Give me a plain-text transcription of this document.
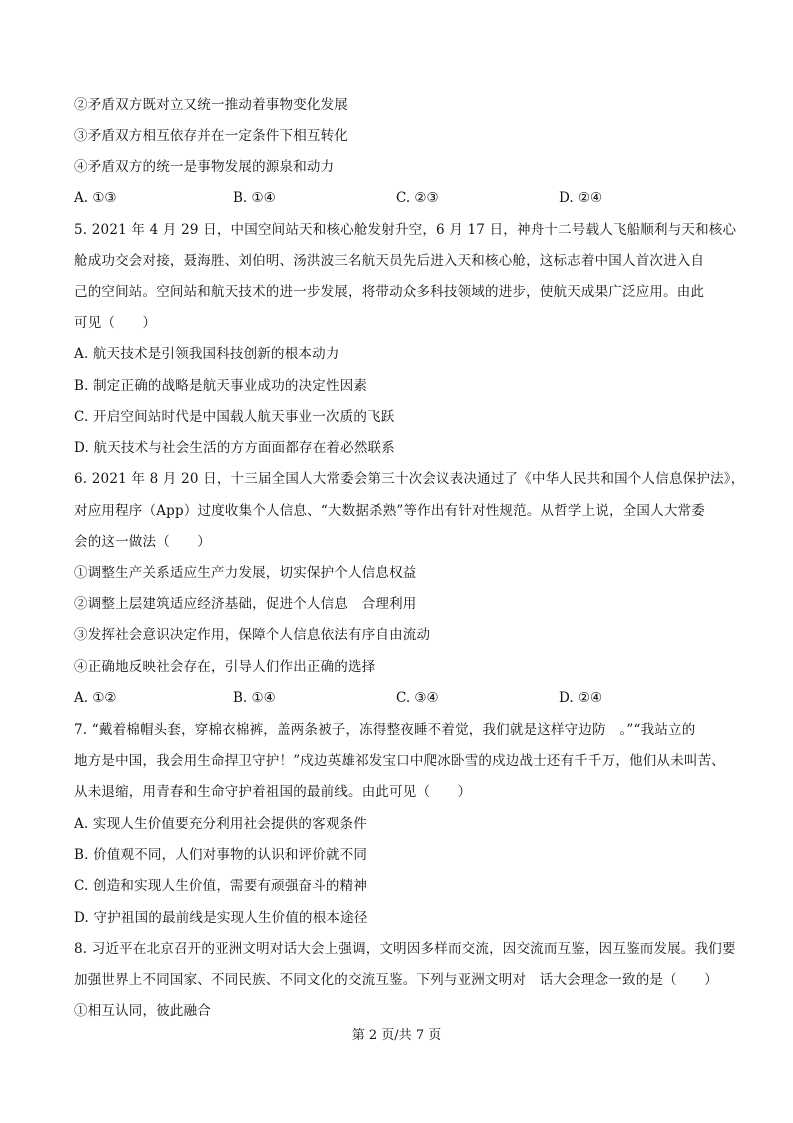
②矛盾双方既对立又统一推动着事物变化发展
③矛盾双方相互依存并在一定条件下相互转化
④矛盾双方的统一是事物发展的源泉和动力
A. ①③	B. ①④	C. ②③	D. ②④
5. 2021 年 4 月 29 日，中国空间站天和核心舱发射升空，6 月 17 日，神舟十二号载人飞船顺利与天和核心
舱成功交会对接，聂海胜、刘伯明、汤洪波三名航天员先后进入天和核心舱，这标志着中国人首次进入自
己的空间站。空间站和航天技术的进一步发展，将带动众多科技领域的进步，使航天成果广泛应用。由此
可见（　　）
A. 航天技术是引领我国科技创新的根本动力
B. 制定正确的战略是航天事业成功的决定性因素
C. 开启空间站时代是中国载人航天事业一次质的飞跃
D. 航天技术与社会生活的方方面面都存在着必然联系
6. 2021 年 8 月 20 日，十三届全国人大常委会第三十次会议表决通过了《中华人民共和国个人信息保护法》，
对应用程序（App）过度收集个人信息、“大数据杀熟”等作出有针对性规范。从哲学上说，全国人大常委
会的这一做法（　　）
①调整生产关系适应生产力发展，切实保护个人信息权益
②调整上层建筑适应经济基础，促进个人信息　合理利用
③发挥社会意识决定作用，保障个人信息依法有序自由流动
④正确地反映社会存在，引导人们作出正确的选择
A. ①②	B. ①④	C. ③④	D. ②④
7. “戴着棉帽头套，穿棉衣棉裤，盖两条被子，冻得整夜睡不着觉，我们就是这样守边防　。”“我站立的
地方是中国，我会用生命捍卫守护！”戍边英雄祁发宝口中爬冰卧雪的戍边战士还有千千万，他们从未叫苦、
从未退缩，用青春和生命守护着祖国的最前线。由此可见（　　）
A. 实现人生价值要充分利用社会提供的客观条件
B. 价值观不同，人们对事物的认识和评价就不同
C. 创造和实现人生价值，需要有顽强奋斗的精神
D. 守护祖国的最前线是实现人生价值的根本途径
8. 习近平在北京召开的亚洲文明对话大会上强调，文明因多样而交流，因交流而互鉴，因互鉴而发展。我们要
加强世界上不同国家、不同民族、不同文化的交流互鉴。下列与亚洲文明对　话大会理念一致的是（　　）
①相互认同，彼此融合
第 2 页/共 7 页
